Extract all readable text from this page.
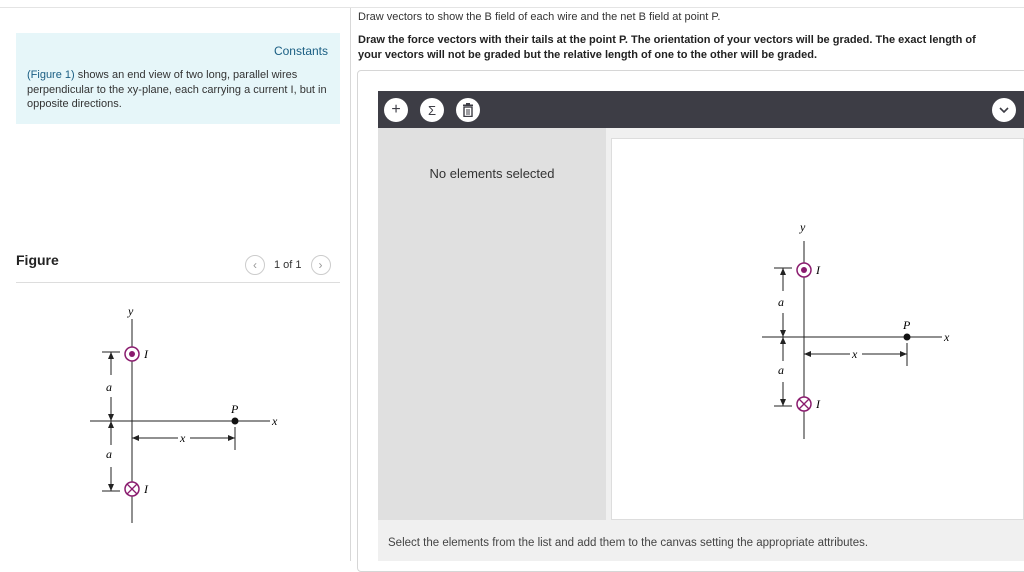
Constants
(Figure 1) shows an end view of two long, parallel wires perpendicular to the xy-plane, each carrying a current I, but in opposite directions.
Figure	‹	1 of 1	›
y
x
I
I
a
a
P
x
Draw vectors to show the B field of each wire and the net B field at point P.
Draw the force vectors with their tails at the point P. The orientation of your vectors will be graded. The exact length of your vectors will not be graded but the relative length of one to the other will be graded.
+	Σ
No elements selected
y
x
I
I
a
a
P
x
Select the elements from the list and add them to the canvas setting the appropriate attributes.
